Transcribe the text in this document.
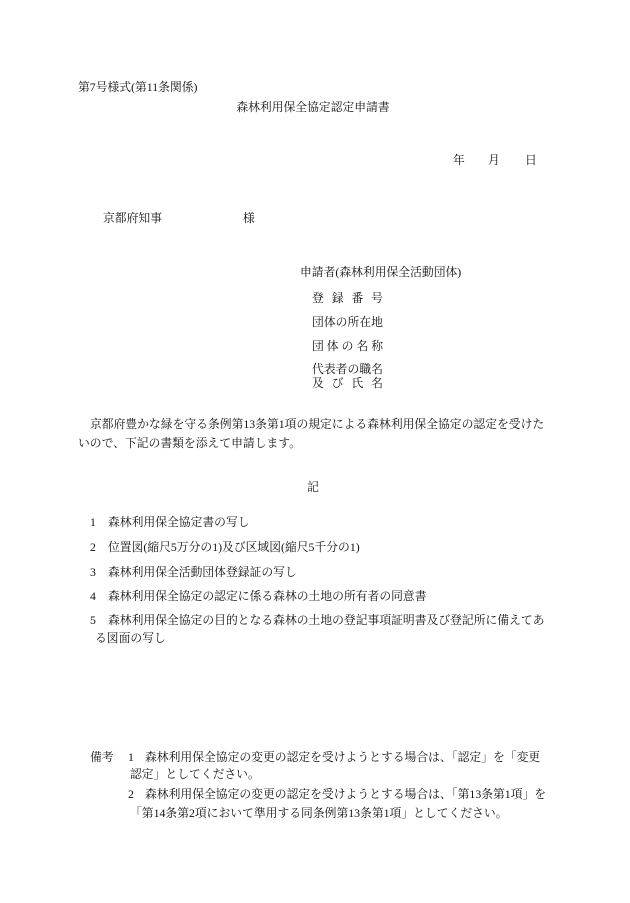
第7号様式(第11条関係)
森林利用保全協定認定申請書
年 月 日
京都府知事	様
申請者(森林利用保全活動団体)
登 録 番 号
団 体 の 所 在 地
団 体 の 名 称
代 表 者 の 職 名
及 び 氏 名
京都府豊かな緑を守る条例第13条第1項の規定による森林利用保全協定の認定を受けた
いので、下記の書類を添えて申請します。
記
1 森林利用保全協定書の写し
2 位置図(縮尺5万分の1)及び区域図(縮尺5千分の1)
3 森林利用保全活動団体登録証の写し
4 森林利用保全協定の認定に係る森林の土地の所有者の同意書
5 森林利用保全協定の目的となる森林の土地の登記事項証明書及び登記所に備えてあ
る図面の写し
備考 1 森林利用保全協定の変更の認定を受けようとする場合は、「認定」を「変更
認定」としてください。
2 森林利用保全協定の変更の認定を受けようとする場合は、「第13条第1項」を
「第14条第2項において準用する同条例第13条第1項」としてください。
